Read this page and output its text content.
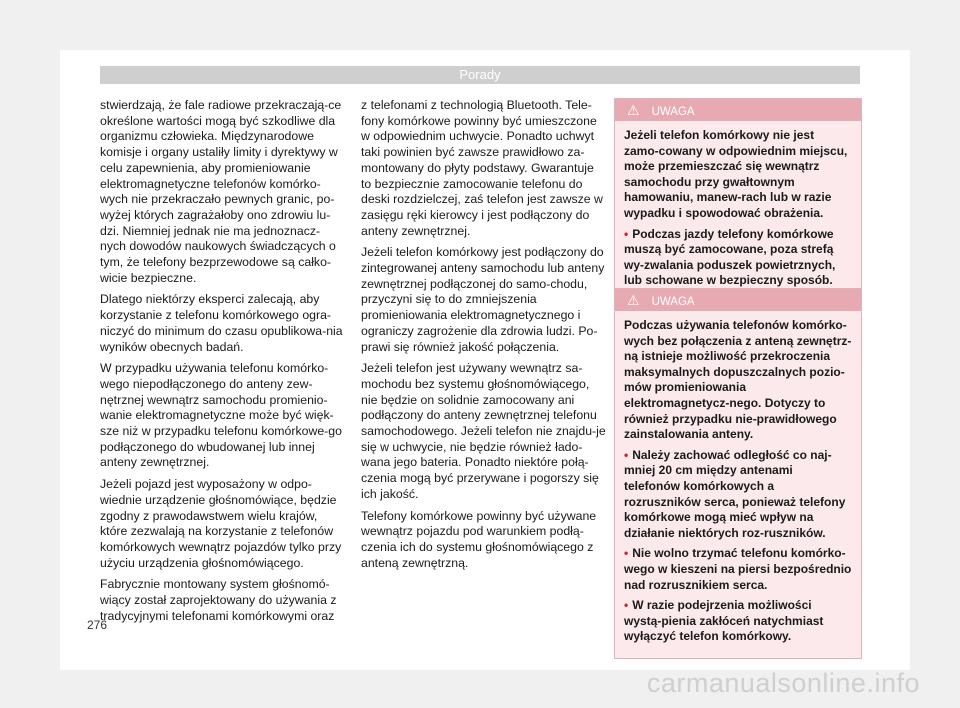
Porady

stwierdzają, że fale radiowe przekraczają-ce określone wartości mogą być szkodliwe dla organizmu człowieka. Międzynarodowe komisje i organy ustaliły limity i dyrektywy w celu zapewnienia, aby promieniowanie elektromagnetyczne telefonów komórko-wych nie przekraczało pewnych granic, po-wyżej których zagrażałoby ono zdrowiu lu-dzi. Niemniej jednak nie ma jednoznacz-nych dowodów naukowych świadczących o tym, że telefony bezprzewodowe są całko-wicie bezpieczne.

Dlatego niektórzy eksperci zalecają, aby korzystanie z telefonu komórkowego ogra-niczyć do minimum do czasu opublikowa-nia wyników obecnych badań.

W przypadku używania telefonu komórko-wego niepodłączonego do anteny zew-nętrznej wewnątrz samochodu promienio-wanie elektromagnetyczne może być więk-sze niż w przypadku telefonu komórkowe-go podłączonego do wbudowanej lub innej anteny zewnętrznej.

Jeżeli pojazd jest wyposażony w odpo-wiednie urządzenie głośnomówiące, będzie zgodny z prawodawstwem wielu krajów, które zezwalają na korzystanie z telefonów komórkowych wewnątrz pojazdów tylko przy użyciu urządzenia głośnomówiącego.

Fabrycznie montowany system głośnomó-wiący został zaprojektowany do używania z tradycyjnymi telefonami komórkowymi oraz

z telefonami z technologią Bluetooth. Tele-fony komórkowe powinny być umieszczone w odpowiednim uchwycie. Ponadto uchwyt taki powinien być zawsze prawidłowo za-montowany do płyty podstawy. Gwarantuje to bezpiecznie zamocowanie telefonu do deski rozdzielczej, zaś telefon jest zawsze w zasięgu ręki kierowcy i jest podłączony do anteny zewnętrznej.

Jeżeli telefon komórkowy jest podłączony do zintegrowanej anteny samochodu lub anteny zewnętrznej podłączonej do samo-chodu, przyczyni się to do zmniejszenia promieniowania elektromagnetycznego i ograniczy zagrożenie dla zdrowia ludzi. Po-prawi się również jakość połączenia.

Jeżeli telefon jest używany wewnątrz sa-mochodu bez systemu głośnomówiącego, nie będzie on solidnie zamocowany ani podłączony do anteny zewnętrznej telefonu samochodowego. Jeżeli telefon nie znajdu-je się w uchwycie, nie będzie również łado-wana jego bateria. Ponadto niektóre połą-czenia mogą być przerywane i pogorszy się ich jakość.

Telefony komórkowe powinny być używane wewnątrz pojazdu pod warunkiem podłą-czenia ich do systemu głośnomówiącego z anteną zewnętrzną.

⚠ UWAGA

Jeżeli telefon komórkowy nie jest zamo-cowany w odpowiednim miejscu, może przemieszczać się wewnątrz samochodu przy gwałtownym hamowaniu, manew-rach lub w razie wypadku i spowodować obrażenia.

• Podczas jazdy telefony komórkowe muszą być zamocowane, poza strefą wy-zwalania poduszek powietrznych, lub schowane w bezpieczny sposób.

⚠ UWAGA

Podczas używania telefonów komórko-wych bez połączenia z anteną zewnętrz-ną istnieje możliwość przekroczenia maksymalnych dopuszczalnych pozio-mów promieniowania elektromagnetycz-nego. Dotyczy to również przypadku nie-prawidłowego zainstalowania anteny.

• Należy zachować odległość co naj-mniej 20 cm między antenami telefonów komórkowych a rozruszników serca, ponieważ telefony komórkowe mogą mieć wpływ na działanie niektórych roz-ruszników.

• Nie wolno trzymać telefonu komórko-wego w kieszeni na piersi bezpośrednio nad rozrusznikiem serca.

• W razie podejrzenia możliwości wystą-pienia zakłóceń natychmiast wyłączyć telefon komórkowy.

276
carmanualsonline.info
